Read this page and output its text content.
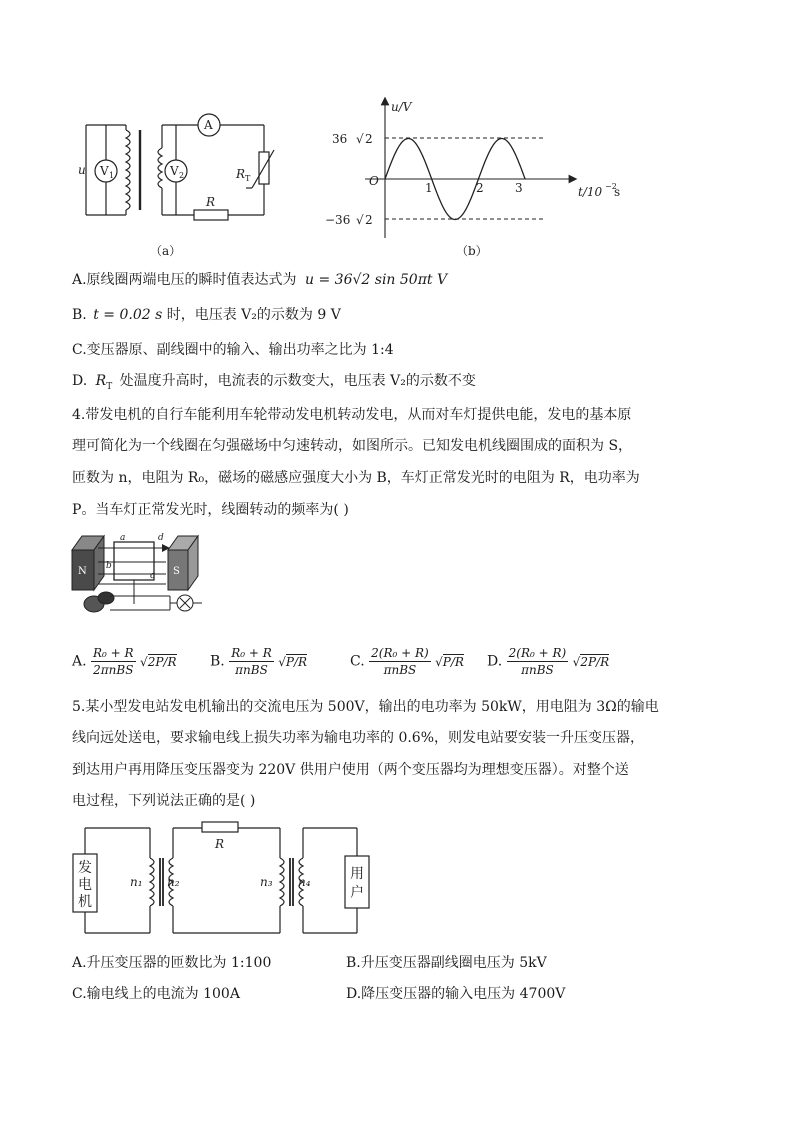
u V 1	V 2
A
R T
R
（a）
u/V
36 √ 2
−36 √ 2
O	1	2	3	t/10 −2
s
（b）
A.原线圈两端电压的瞬时值表达式为 u = 36√2 sin 50πt V
B. t = 0.02 s 时，电压表 V₂的示数为 9 V
C.变压器原、副线圈中的输入、输出功率之比为 1:4
D. $R_T$ 处温度升高时，电流表的示数变大，电压表 V₂的示数不变
4.带发电机的自行车能利用车轮带动发电机转动发电，从而对车灯提供电能，发电的基本原
理可简化为一个线圈在匀强磁场中匀速转动，如图所示。已知发电机线圈围成的面积为 S，
匝数为 n，电阻为 R₀，磁场的磁感应强度大小为 B，车灯正常发光时的电阻为 R，电功率为
P。当车灯正常发光时，线圈转动的频率为( )
N	S
a
b
c
d
A. $\frac{\text{R₀ + R}}{\text{2πnBS}} √2P/R$ B. $\frac{\text{R₀ + R}}{\text{πnBS}} √P/R$	C. $\frac{\text{2(R₀ + R)}}{\text{πnBS}} √P/R$ D. $\frac{\text{2(R₀ + R)}}{\text{πnBS}} √2P/R$
5.某小型发电站发电机输出的交流电压为 500V，输出的电功率为 50kW，用电阻为 3Ω的输电
线向远处送电，要求输电线上损失功率为输电功率的 0.6%，则发电站要安装一升压变压器，
到达用户再用降压变压器变为 220V 供用户使用（两个变压器均为理想变压器）。对整个送
电过程，下列说法正确的是( )
发
电
机
用
户
R
n₁ n₂	n₃ n₄
A.升压变压器的匝数比为 1:100	B.升压变压器副线圈电压为 5kV
C.输电线上的电流为 100A	D.降压变压器的输入电压为 4700V
